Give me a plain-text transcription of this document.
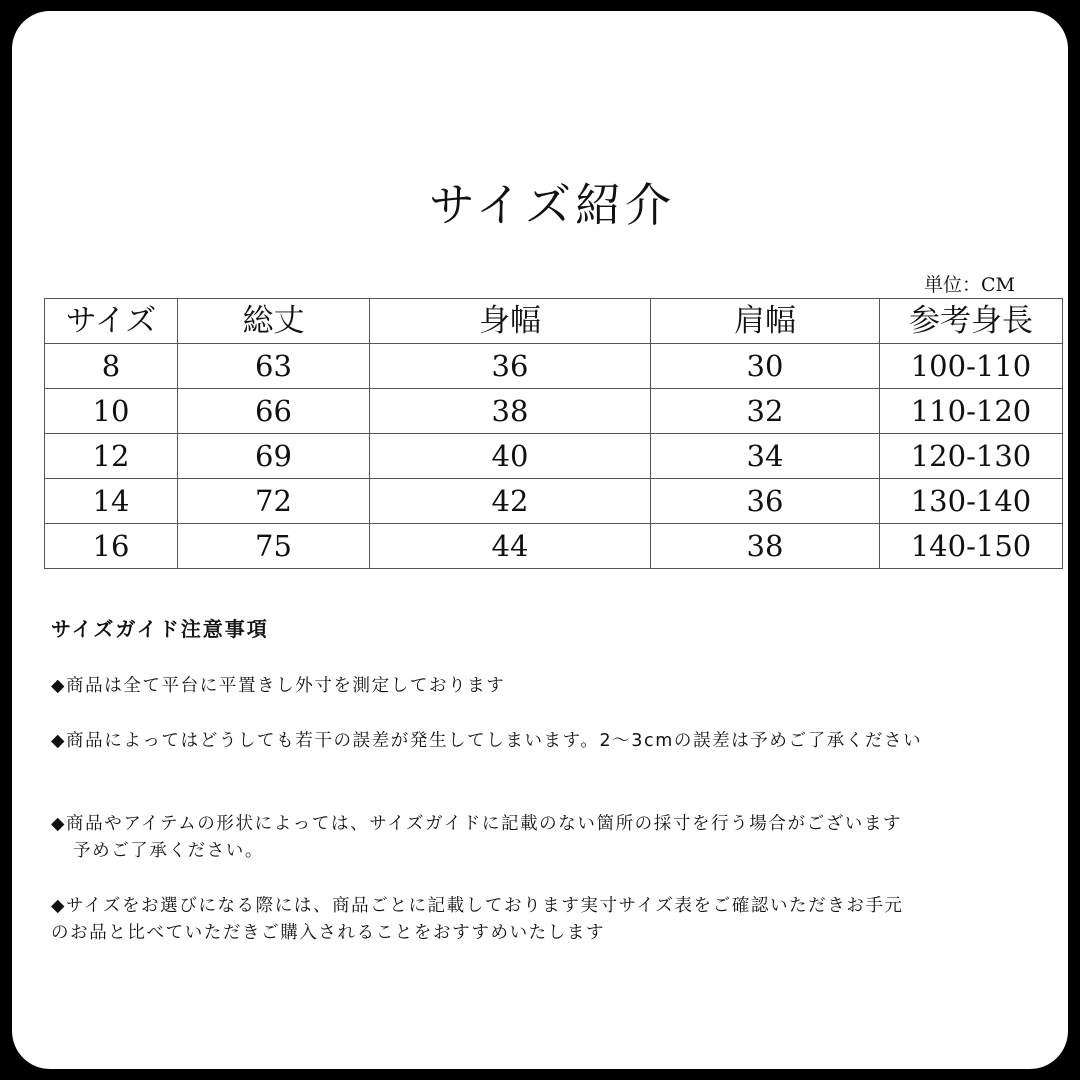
サイズ紹介
単位：CM
サイズ	総丈	身幅	肩幅	参考身長
8	63	36	30	100-110
10	66	38	32	110-120
12	69	40	34	120-130
14	72	42	36	130-140
16	75	44	38	140-150
サイズガイド注意事項
◆商品は全て平台に平置きし外寸を測定しております
◆商品によってはどうしても若干の誤差が発生してしまいます。2〜3cmの誤差は予めご了承ください
◆商品やアイテムの形状によっては、サイズガイドに記載のない箇所の採寸を行う場合がございます
予めご了承ください。
◆サイズをお選びになる際には、商品ごとに記載しております実寸サイズ表をご確認いただきお手元
のお品と比べていただきご購入されることをおすすめいたします
